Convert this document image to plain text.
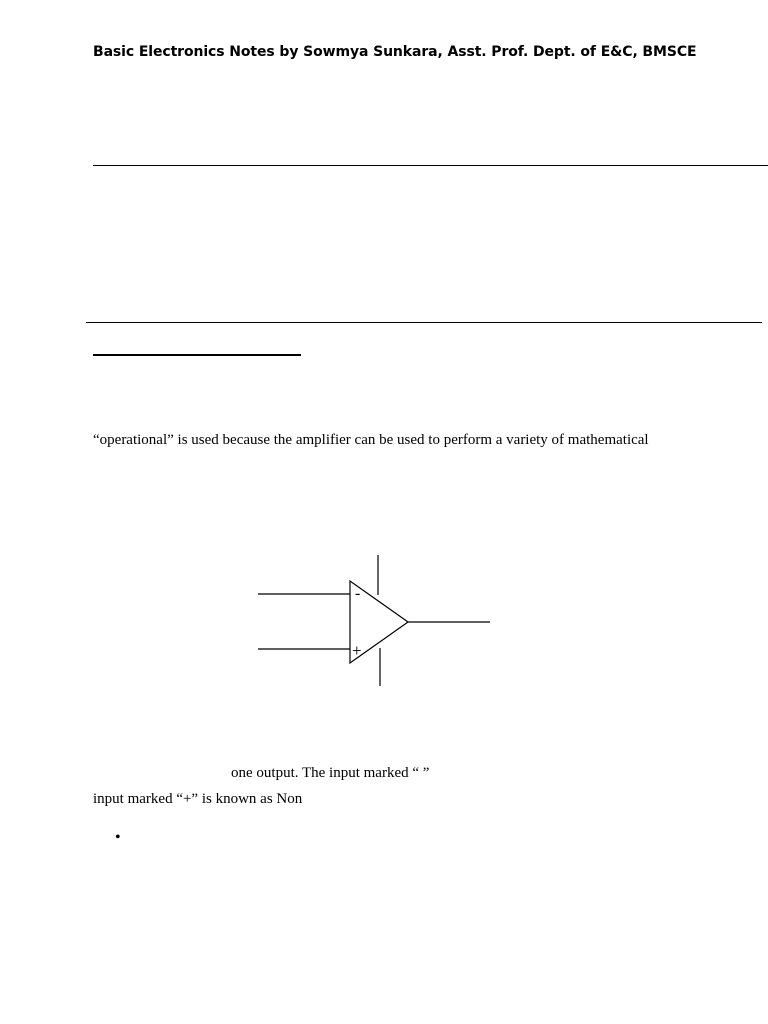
Basic Electronics Notes by Sowmya Sunkara, Asst. Prof. Dept. of E&C, BMSCE
“operational” is used because the amplifier can be used to perform a variety of mathematical
-
+
one output. The input marked “ ”
input marked “+” is known as Non
•
